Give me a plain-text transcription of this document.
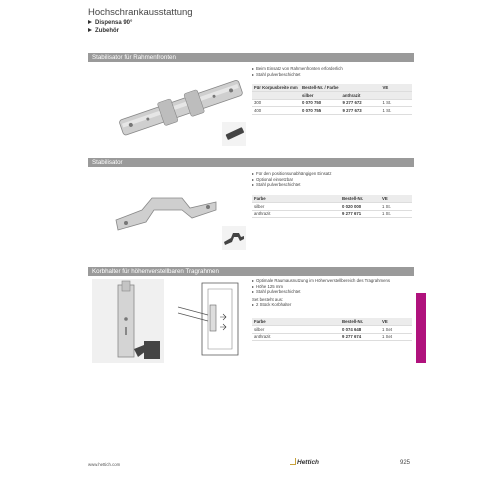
Hochschrankausstattung
Dispensa 90°
Zubehör
Stabilisator für Rahmenfronten
▸ Beim Einsatz von Rahmenfronten erforderlich
▸ Stahl pulverbeschichtet
Für Korpusbreite mm	Bestell-Nr. / Farbe		VE
	silber	anthrazit	
300	0 070 750	9 277 672	1 St.
400	0 070 755	9 277 673	1 St.
Stabilisator
▸ Für den positionsunabhängigen Einsatz
▸ Optional einsetzbar
▸ Stahl pulverbeschichtet
Farbe	Bestell-Nr.	VE
silber	0 020 000	1 St.
anthrazit	9 277 671	1 St.
Korbhalter für höhenverstellbaren Tragrahmen
▸ Optimale Raumausnutzung im Höhenverstellbereich des Tragrahmens
▸ Höhe 125 mm
▸ Stahl pulverbeschichtet
Set besteht aus:
▸ 2 Stück Korbhalter
Farbe	Bestell-Nr.	VE
silber	0 074 648	1 Set
anthrazit	9 277 674	1 Set
www.hettich.com	Hettich	925
